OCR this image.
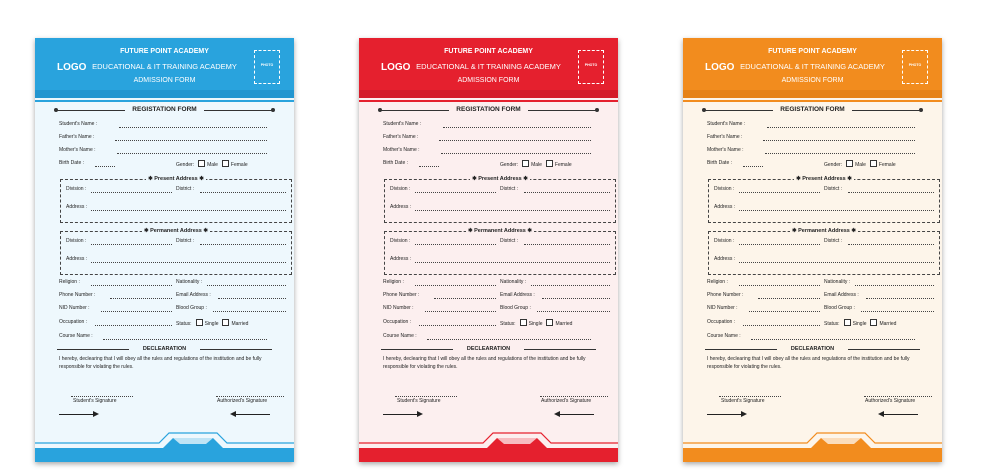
LOGO
FUTURE POINT ACADEMY
EDUCATIONAL & IT TRAINING ACADEMY
ADMISSION FORM
PHOTO
REGISTATION FORM
Student's Name :
Father's Name :
Mother's Name :
Birth Date :	Gender:	Male	Female
✱ Present Address ✱
Division :	District :
Address :
✱ Permanent Address ✱
Division :	District :
Address :
Religion :	Nationality :
Phone Number :	Email Address :
NID Number :	Blood Group :
Occupation :	Status:	Single	Married
Course Name :
DECLEARATION
I hereby, declearing that I will obey all the rules and regulations of the institution and be fully responsible for violating the rules.
Student's Signature	Authorized's Signature
LOGO
FUTURE POINT ACADEMY
EDUCATIONAL & IT TRAINING ACADEMY
ADMISSION FORM
PHOTO
REGISTATION FORM
Student's Name :
Father's Name :
Mother's Name :
Birth Date :	Gender:	Male	Female
✱ Present Address ✱
Division :	District :
Address :
✱ Permanent Address ✱
Division :	District :
Address :
Religion :	Nationality :
Phone Number :	Email Address :
NID Number :	Blood Group :
Occupation :	Status:	Single	Married
Course Name :
DECLEARATION
I hereby, declearing that I will obey all the rules and regulations of the institution and be fully responsible for violating the rules.
Student's Signature	Authorized's Signature
LOGO
FUTURE POINT ACADEMY
EDUCATIONAL & IT TRAINING ACADEMY
ADMISSION FORM
PHOTO
REGISTATION FORM
Student's Name :
Father's Name :
Mother's Name :
Birth Date :	Gender:	Male	Female
✱ Present Address ✱
Division :	District :
Address :
✱ Permanent Address ✱
Division :	District :
Address :
Religion :	Nationality :
Phone Number :	Email Address :
NID Number :	Blood Group :
Occupation :	Status:	Single	Married
Course Name :
DECLEARATION
I hereby, declearing that I will obey all the rules and regulations of the institution and be fully responsible for violating the rules.
Student's Signature	Authorized's Signature
